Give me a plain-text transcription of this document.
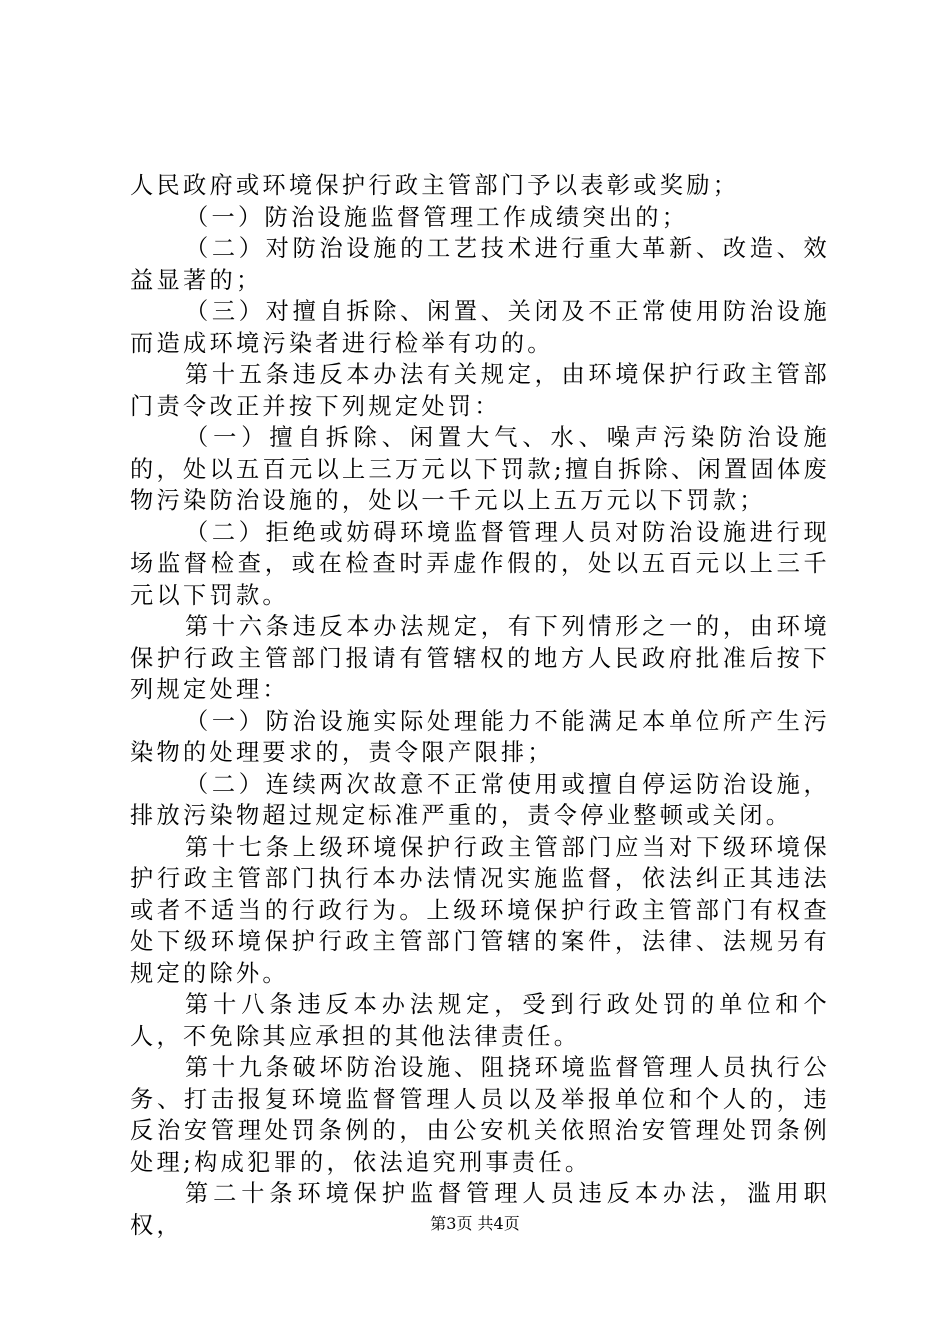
人民政府或环境保护行政主管部门予以表彰或奖励；

（一）防治设施监督管理工作成绩突出的；

（二）对防治设施的工艺技术进行重大革新、改造、效益显著的；

（三）对擅自拆除、闲置、关闭及不正常使用防治设施而造成环境污染者进行检举有功的。

第十五条违反本办法有关规定，由环境保护行政主管部门责令改正并按下列规定处罚：

（一）擅自拆除、闲置大气、水、噪声污染防治设施的，处以五百元以上三万元以下罚款;擅自拆除、闲置固体废物污染防治设施的，处以一千元以上五万元以下罚款；

（二）拒绝或妨碍环境监督管理人员对防治设施进行现场监督检查，或在检查时弄虚作假的，处以五百元以上三千元以下罚款。

第十六条违反本办法规定，有下列情形之一的，由环境保护行政主管部门报请有管辖权的地方人民政府批准后按下列规定处理：

（一）防治设施实际处理能力不能满足本单位所产生污染物的处理要求的，责令限产限排；

（二）连续两次故意不正常使用或擅自停运防治设施，排放污染物超过规定标准严重的，责令停业整顿或关闭。

第十七条上级环境保护行政主管部门应当对下级环境保护行政主管部门执行本办法情况实施监督，依法纠正其违法或者不适当的行政行为。上级环境保护行政主管部门有权查处下级环境保护行政主管部门管辖的案件，法律、法规另有规定的除外。

第十八条违反本办法规定，受到行政处罚的单位和个人，不免除其应承担的其他法律责任。

第十九条破坏防治设施、阻挠环境监督管理人员执行公务、打击报复环境监督管理人员以及举报单位和个人的，违反治安管理处罚条例的，由公安机关依照治安管理处罚条例处理;构成犯罪的，依法追究刑事责任。

第二十条环境保护监督管理人员违反本办法，滥用职权，	第3页 共4页
